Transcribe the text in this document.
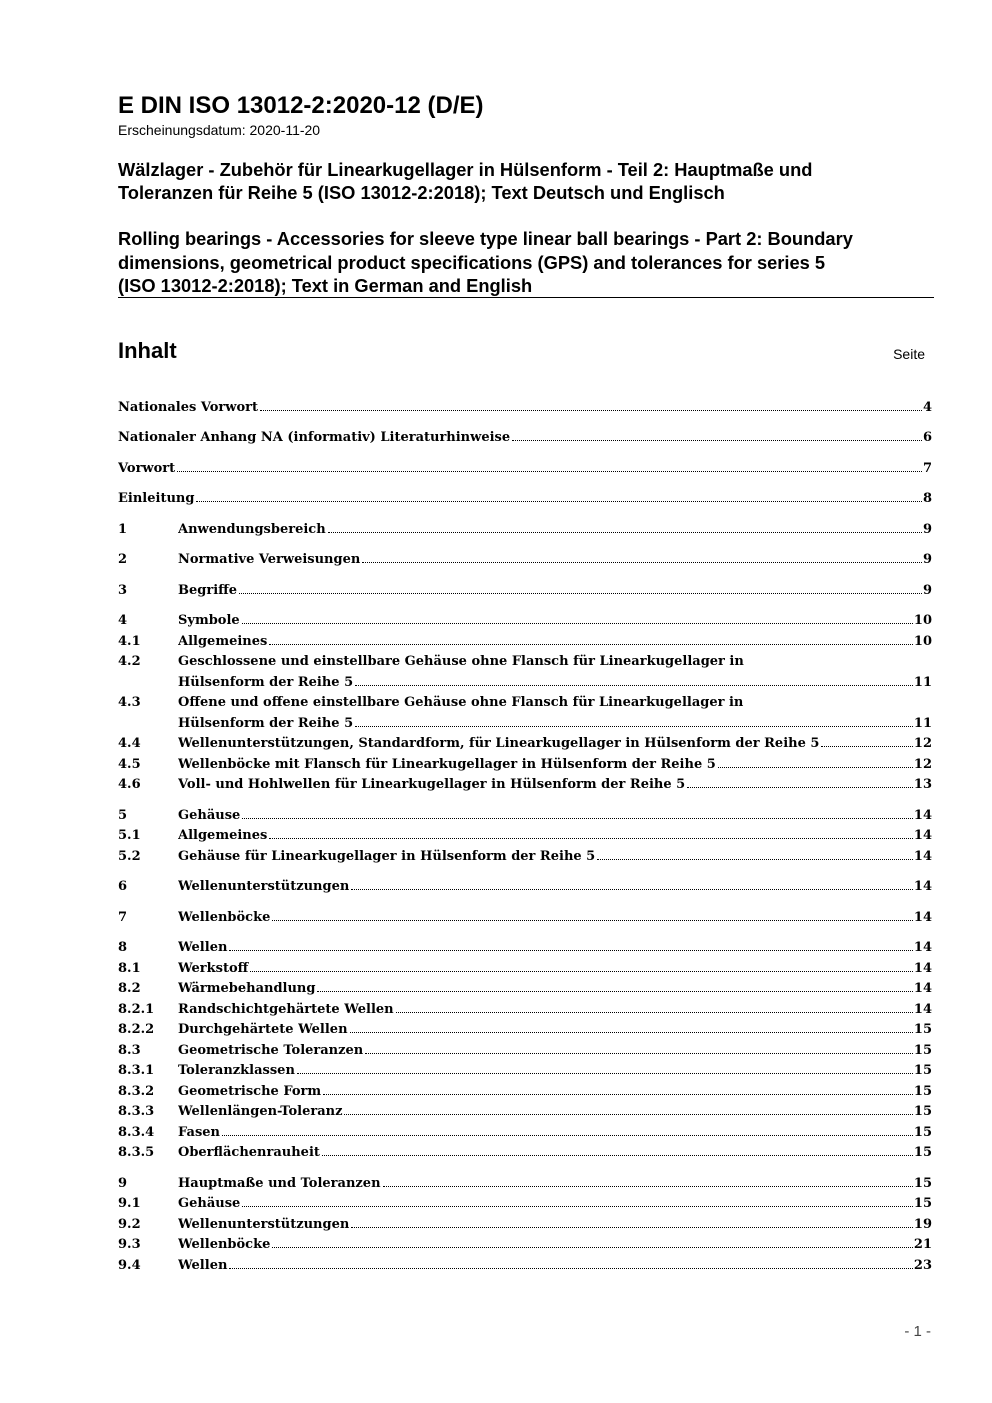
E DIN ISO 13012-2:2020-12 (D/E)

Erscheinungsdatum: 2020-11-20

Wälzlager - Zubehör für Linearkugellager in Hülsenform - Teil 2: Hauptmaße und
Toleranzen für Reihe 5 (ISO 13012-2:2018); Text Deutsch und Englisch
Rolling bearings - Accessories for sleeve type linear ball bearings - Part 2: Boundary
dimensions, geometrical product specifications (GPS) and tolerances for series 5
(ISO 13012-2:2018); Text in German and English
Inhalt	Seite
Nationales Vorwort	4
Nationaler Anhang NA (informativ) Literaturhinweise	6
Vorwort	7
Einleitung	8
1	Anwendungsbereich	9
2	Normative Verweisungen	9
3	Begriffe	9
4	Symbole	10
4.1	Allgemeines	10
4.2	Geschlossene und einstellbare Gehäuse ohne Flansch für Linearkugellager in
Hülsenform der Reihe 5	11
4.3	Offene und offene einstellbare Gehäuse ohne Flansch für Linearkugellager in
Hülsenform der Reihe 5	11
4.4	Wellenunterstützungen, Standardform, für Linearkugellager in Hülsenform der Reihe 5	12
4.5	Wellenböcke mit Flansch für Linearkugellager in Hülsenform der Reihe 5	12
4.6	Voll- und Hohlwellen für Linearkugellager in Hülsenform der Reihe 5	13
5	Gehäuse	14
5.1	Allgemeines	14
5.2	Gehäuse für Linearkugellager in Hülsenform der Reihe 5	14
6	Wellenunterstützungen	14
7	Wellenböcke	14
8	Wellen	14
8.1	Werkstoff	14
8.2	Wärmebehandlung	14
8.2.1	Randschichtgehärtete Wellen	14
8.2.2	Durchgehärtete Wellen	15
8.3	Geometrische Toleranzen	15
8.3.1	Toleranzklassen	15
8.3.2	Geometrische Form	15
8.3.3	Wellenlängen-Toleranz	15
8.3.4	Fasen	15
8.3.5	Oberflächenrauheit	15
9	Hauptmaße und Toleranzen	15
9.1	Gehäuse	15
9.2	Wellenunterstützungen	19
9.3	Wellenböcke	21
9.4	Wellen	23
- 1 -
